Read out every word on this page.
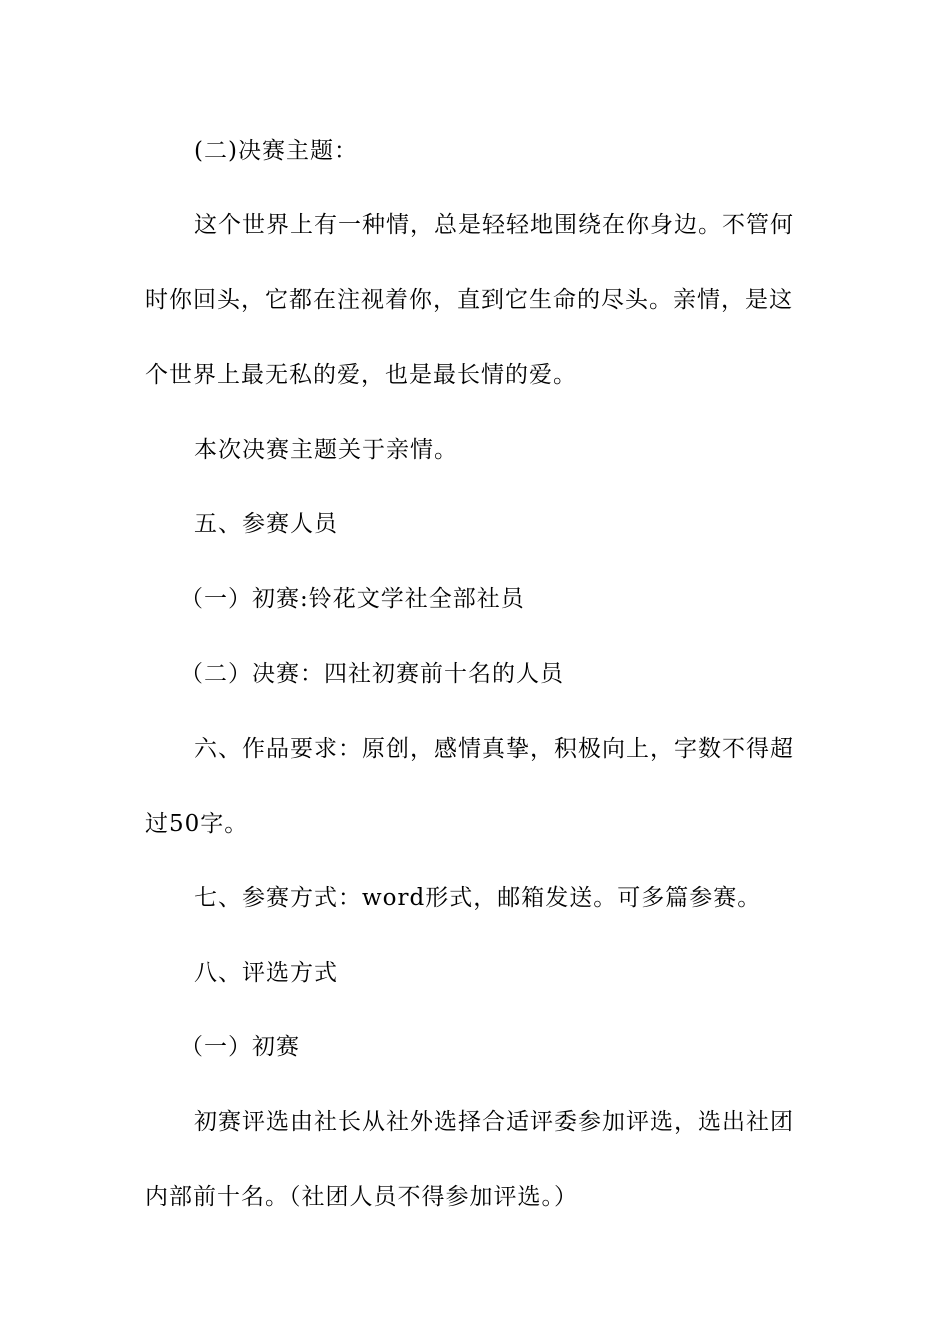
(二)决赛主题：
这个世界上有一种情，总是轻轻地围绕在你身边。不管何
时你回头，它都在注视着你，直到它生命的尽头。亲情，是这
个世界上最无私的爱，也是最长情的爱。
本次决赛主题关于亲情。
五、参赛人员
（一）初赛:铃花文学社全部社员
（二）决赛：四社初赛前十名的人员
六、作品要求：原创，感情真挚，积极向上，字数不得超
过50字。
七、参赛方式：word形式，邮箱发送。可多篇参赛。
八、评选方式
（一）初赛
初赛评选由社长从社外选择合适评委参加评选，选出社团
内部前十名。（社团人员不得参加评选。）
